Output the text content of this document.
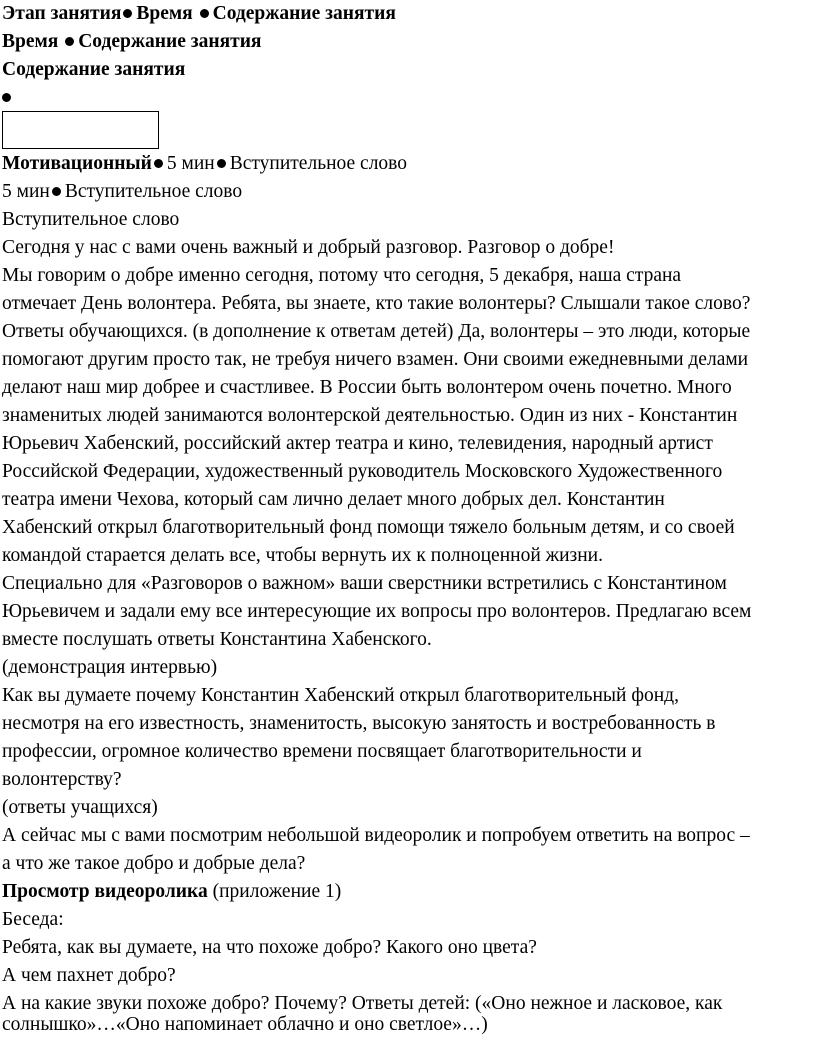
Этап занятия Время Содержание занятия
Время Содержание занятия
Содержание занятия
Мотивационный 5 мин Вступительное слово
5 мин Вступительное слово
Вступительное слово
Сегодня у нас с вами очень важный и добрый разговор. Разговор о добре!
Мы говорим о добре именно сегодня, потому что сегодня, 5 декабря, наша страна
отмечает День волонтера. Ребята, вы знаете, кто такие волонтеры? Слышали такое слово?
Ответы обучающихся. (в дополнение к ответам детей) Да, волонтеры – это люди, которые
помогают другим просто так, не требуя ничего взамен. Они своими ежедневными делами
делают наш мир добрее и счастливее. В России быть волонтером очень почетно. Много
знаменитых людей занимаются волонтерской деятельностью. Один из них - Константин
Юрьевич Хабенский, российский актер театра и кино, телевидения, народный артист
Российской Федерации, художественный руководитель Московского Художественного
театра имени Чехова, который сам лично делает много добрых дел. Константин
Хабенский открыл благотворительный фонд помощи тяжело больным детям, и со своей
командой старается делать все, чтобы вернуть их к полноценной жизни.
Специально для «Разговоров о важном» ваши сверстники встретились с Константином
Юрьевичем и задали ему все интересующие их вопросы про волонтеров. Предлагаю всем
вместе послушать ответы Константина Хабенского.
(демонстрация интервью)
Как вы думаете почему Константин Хабенский открыл благотворительный фонд,
несмотря на его известность, знаменитость, высокую занятость и востребованность в
профессии, огромное количество времени посвящает благотворительности и
волонтерству?
(ответы учащихся)
А сейчас мы с вами посмотрим небольшой видеоролик и попробуем ответить на вопрос –
а что же такое добро и добрые дела?
Просмотр видеоролика (приложение 1)
Беседа:
Ребята, как вы думаете, на что похоже добро? Какого оно цвета?
А чем пахнет добро?
А на какие звуки похоже добро? Почему? Ответы детей: («Оно нежное и ласковое, как
солнышко»…«Оно напоминает облачно и оно светлое»…)
